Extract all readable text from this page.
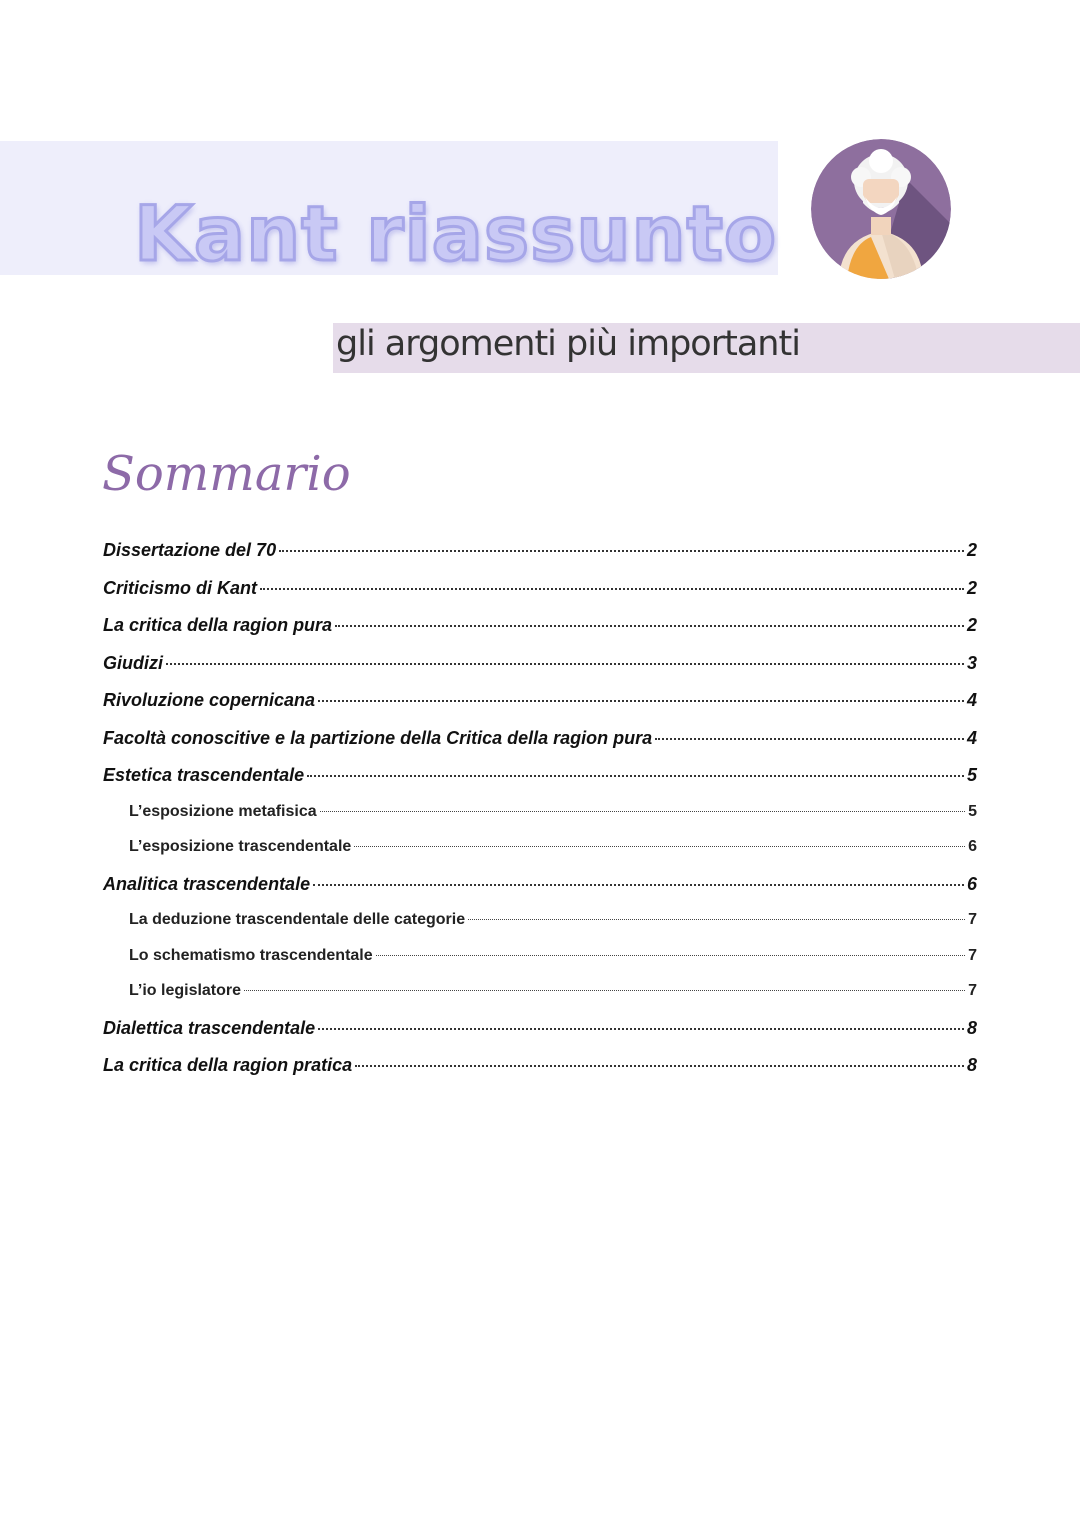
Kant riassunto
gli argomenti più importanti
Sommario
Dissertazione del 70	2
Criticismo di Kant	2
La critica della ragion pura	2
Giudizi	3
Rivoluzione copernicana	4
Facoltà conoscitive e la partizione della Critica della ragion pura	4
Estetica trascendentale	5
L’esposizione metafisica	5
L’esposizione trascendentale	6
Analitica trascendentale	6
La deduzione trascendentale delle categorie	7
Lo schematismo trascendentale	7
L’io legislatore	7
Dialettica trascendentale	8
La critica della ragion pratica	8
